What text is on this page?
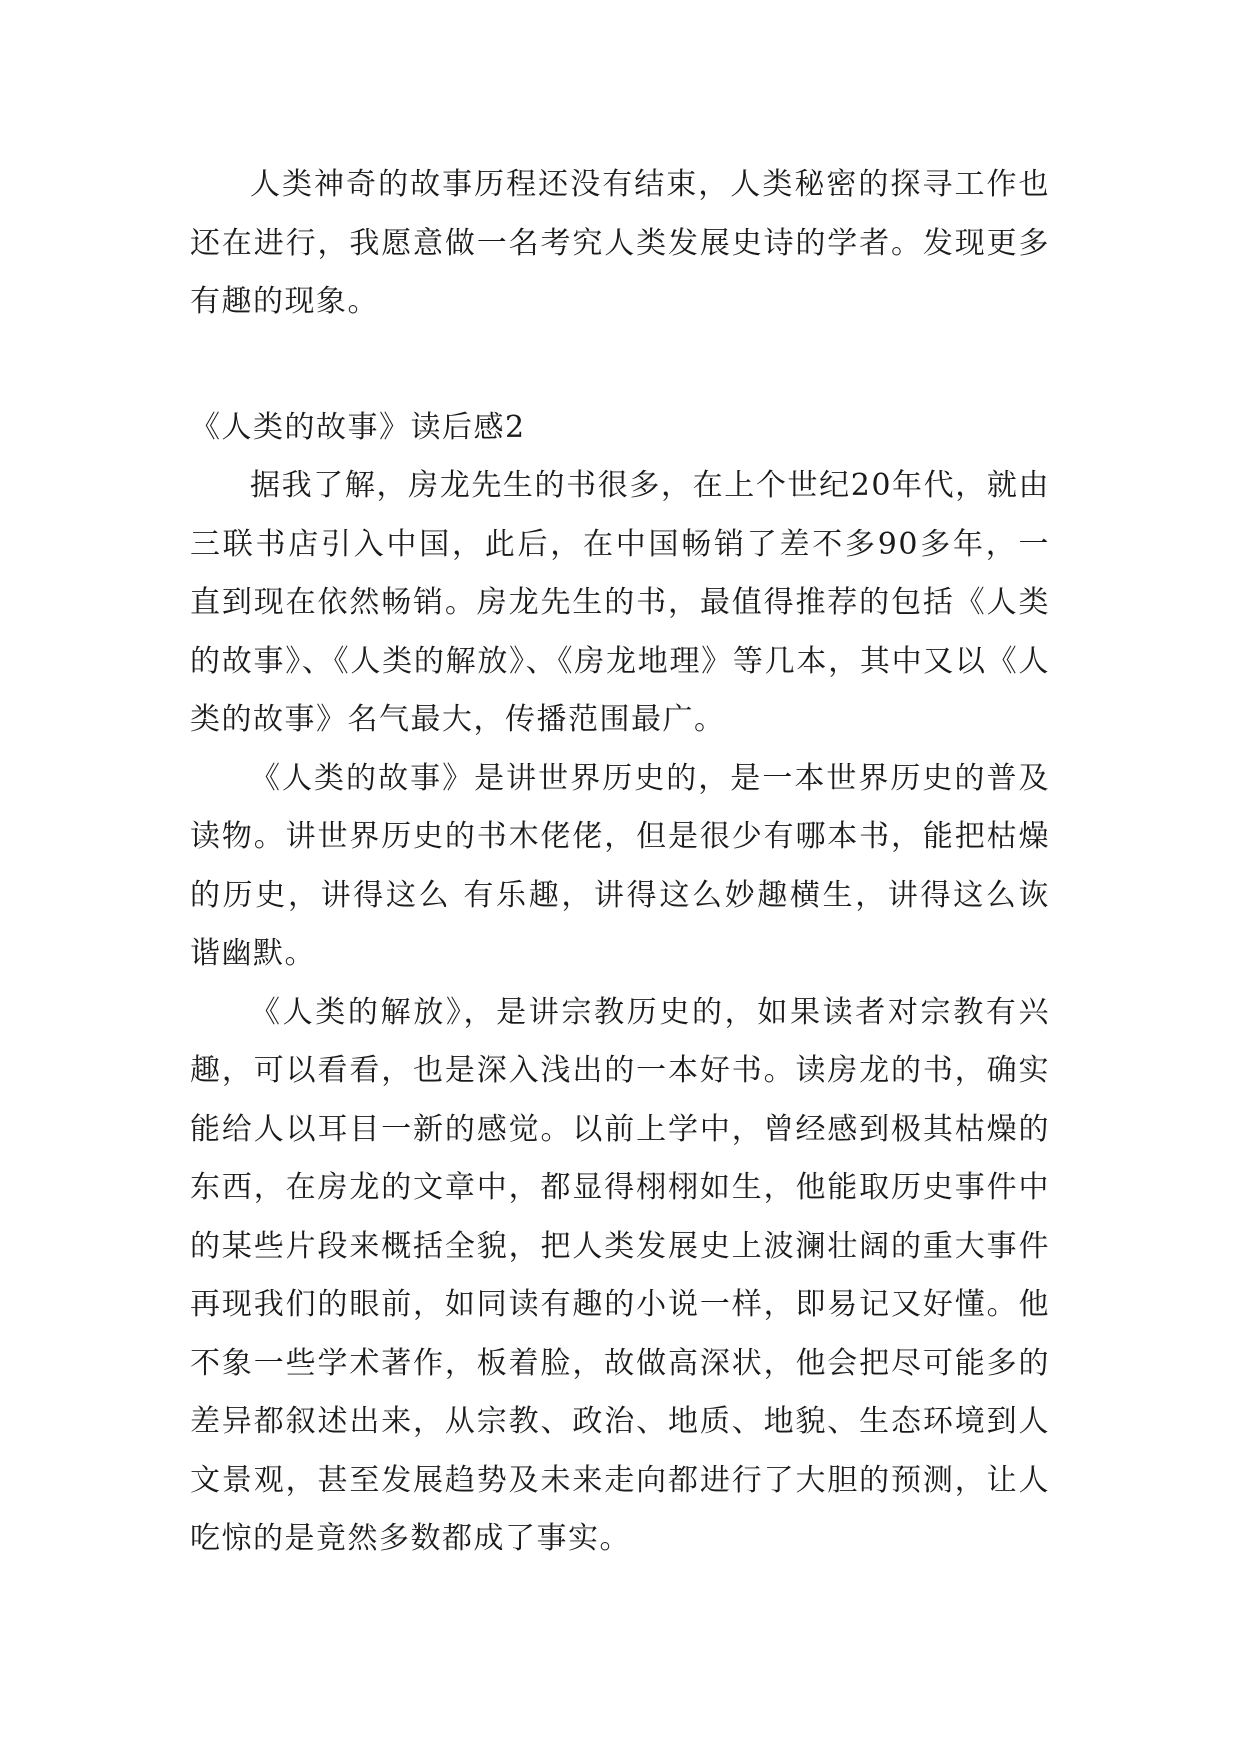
人类神奇的故事历程还没有结束，人类秘密的探寻工作也还在进行，我愿意做一名考究人类发展史诗的学者。发现更多有趣的现象。

《人类的故事》读后感2

据我了解，房龙先生的书很多，在上个世纪20年代，就由三联书店引入中国，此后，在中国畅销了差不多90多年，一直到现在依然畅销。房龙先生的书，最值得推荐的包括《人类的故事》、《人类的解放》、《房龙地理》等几本，其中又以《人类的故事》名气最大，传播范围最广。

《人类的故事》是讲世界历史的，是一本世界历史的普及读物。讲世界历史的书木佬佬，但是很少有哪本书，能把枯燥的历史，讲得这么 有乐趣，讲得这么妙趣横生，讲得这么诙谐幽默。

《人类的解放》，是讲宗教历史的，如果读者对宗教有兴趣，可以看看，也是深入浅出的一本好书。读房龙的书，确实能给人以耳目一新的感觉。以前上学中，曾经感到极其枯燥的东西，在房龙的文章中，都显得栩栩如生，他能取历史事件中的某些片段来概括全貌，把人类发展史上波澜壮阔的重大事件再现我们的眼前，如同读有趣的小说一样，即易记又好懂。他不象一些学术著作，板着脸，故做高深状，他会把尽可能多的差异都叙述出来，从宗教、政治、地质、地貌、生态环境到人文景观，甚至发展趋势及未来走向都进行了大胆的预测，让人吃惊的是竟然多数都成了事实。
